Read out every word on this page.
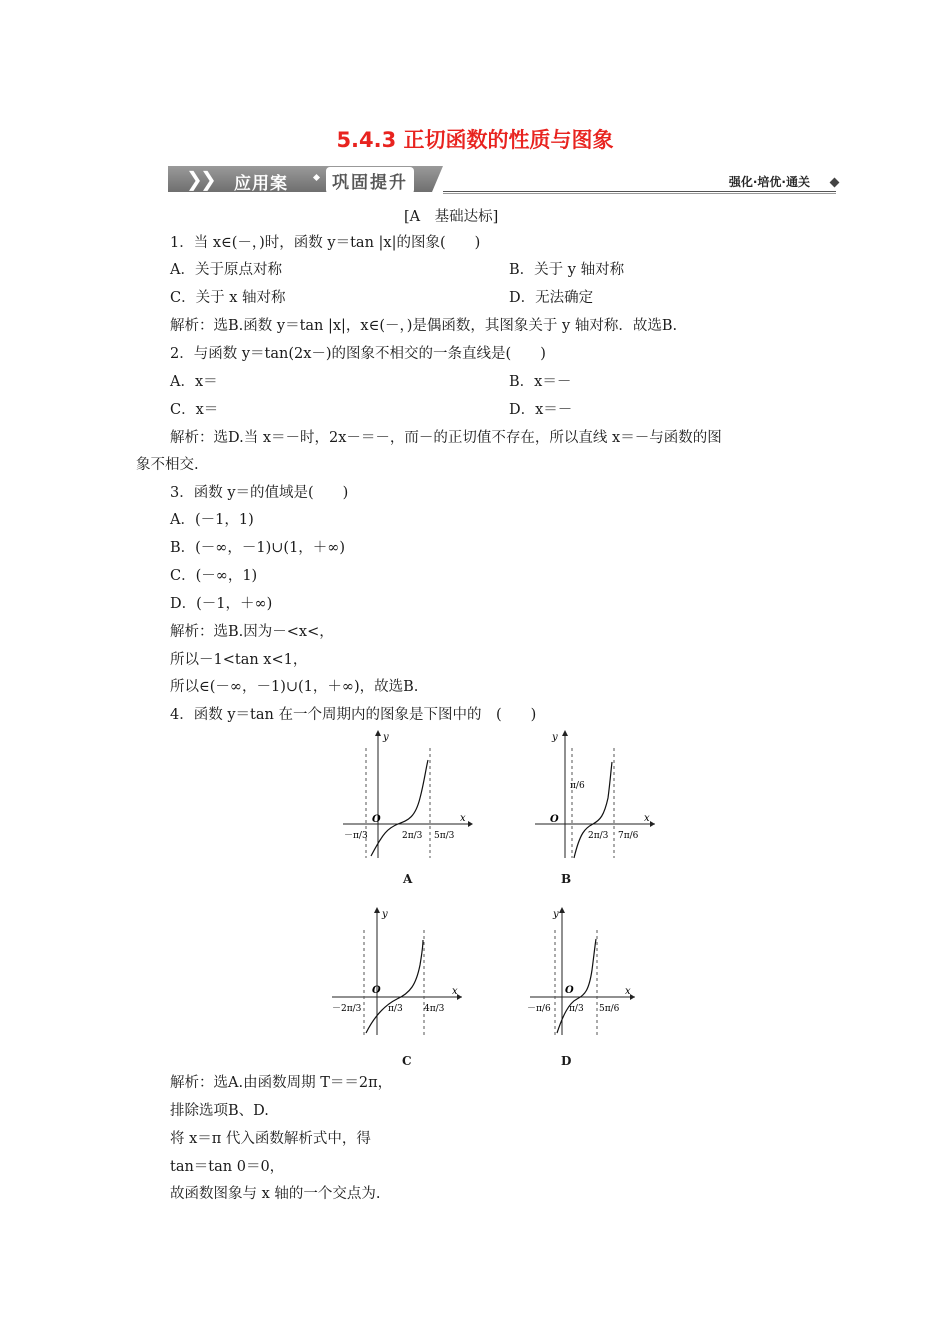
5.4.3 正切函数的性质与图象
❯
❯ 应用案	巩固提升	强化·培优·通关
[A　基础达标]
1．当 x∈(－，)时，函数 y＝tan |x|的图象(　　)
A．关于原点对称	B．关于 y 轴对称
C．关于 x 轴对称	D．无法确定
解析：选B.函数 y＝tan |x|，x∈(－，)是偶函数，其图象关于 y 轴对称．故选B.
2．与函数 y＝tan(2x－)的图象不相交的一条直线是(　　)
A．x＝	B．x＝－
C．x＝	D．x＝－
解析：选D.当 x＝－时，2x－＝－，而－的正切值不存在，所以直线 x＝－与函数的图
象不相交.
3．函数 y＝的值域是(　　)
A．(－1，1)
B．(－∞，－1)∪(1，＋∞)
C．(－∞，1)
D．(－1，＋∞)
解析：选B.因为－<x<，
所以－1<tan x<1，
所以∈(－∞，－1)∪(1，＋∞)，故选B.
4．函数 y＝tan 在一个周期内的图象是下图中的　(　　)
y
x
O
－π/3	2π/3 5π/3
A
y
x
O
π/6
2π/3 7π/6
B
y
x
O
－2π/3	π/3 4π/3
C
y
x
O
－π/6 π/3 5π/6
D
解析：选A.由函数周期 T＝＝2π，
排除选项B、D.
将 x＝π 代入函数解析式中，得
tan＝tan 0＝0，
故函数图象与 x 轴的一个交点为.
